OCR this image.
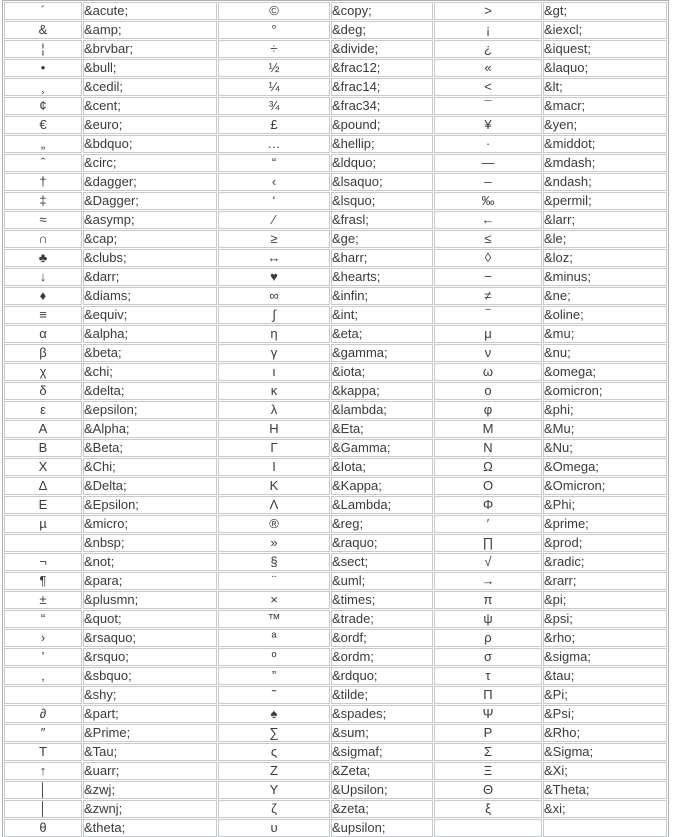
´	&acute;	©	&copy;	>	&gt;
&	&amp;	°	&deg;	¡	&iexcl;
¦	&brvbar;	÷	&divide;	¿	&iquest;
•	&bull;	½	&frac12;	«	&laquo;
¸	&cedil;	¼	&frac14;	<	&lt;
¢	&cent;	¾	&frac34;	¯	&macr;
€	&euro;	£	&pound;	¥	&yen;
„	&bdquo;	…	&hellip;	·	&middot;
ˆ	&circ;	“	&ldquo;	—	&mdash;
†	&dagger;	‹	&lsaquo;	–	&ndash;
‡	&Dagger;	‘	&lsquo;	‰	&permil;
≈	&asymp;	⁄	&frasl;	←	&larr;
∩	&cap;	≥	&ge;	≤	&le;
♣	&clubs;	↔	&harr;	◊	&loz;
↓	&darr;	♥	&hearts;	−	&minus;
♦	&diams;	∞	&infin;	≠	&ne;
≡	&equiv;	∫	&int;	‾	&oline;
α	&alpha;	η	&eta;	μ	&mu;
β	&beta;	γ	&gamma;	ν	&nu;
χ	&chi;	ι	&iota;	ω	&omega;
δ	&delta;	κ	&kappa;	ο	&omicron;
ε	&epsilon;	λ	&lambda;	φ	&phi;
Α	&Alpha;	Η	&Eta;	Μ	&Mu;
Β	&Beta;	Γ	&Gamma;	Ν	&Nu;
Χ	&Chi;	Ι	&Iota;	Ω	&Omega;
Δ	&Delta;	Κ	&Kappa;	Ο	&Omicron;
Ε	&Epsilon;	Λ	&Lambda;	Φ	&Phi;
µ	&micro;	®	&reg;	′	&prime;
	&nbsp;	»	&raquo;	∏	&prod;
¬	&not;	§	&sect;	√	&radic;
¶	&para;	¨	&uml;	→	&rarr;
±	&plusmn;	×	&times;	π	&pi;
“	&quot;	™	&trade;	ψ	&psi;
›	&rsaquo;	ª	&ordf;	ρ	&rho;
’	&rsquo;	º	&ordm;	σ	&sigma;
‚	&sbquo;	”	&rdquo;	τ	&tau;
	&shy;	˜	&tilde;	Π	&Pi;
∂	&part;	♠	&spades;	Ψ	&Psi;
″	&Prime;	∑	&sum;	Ρ	&Rho;
Τ	&Tau;	ς	&sigmaf;	Σ	&Sigma;
↑	&uarr;	Ζ	&Zeta;	Ξ	&Xi;
│	&zwj;	Υ	&Upsilon;	Θ	&Theta;
│	&zwnj;	ζ	&zeta;	ξ	&xi;
θ	&theta;	υ	&upsilon;		
